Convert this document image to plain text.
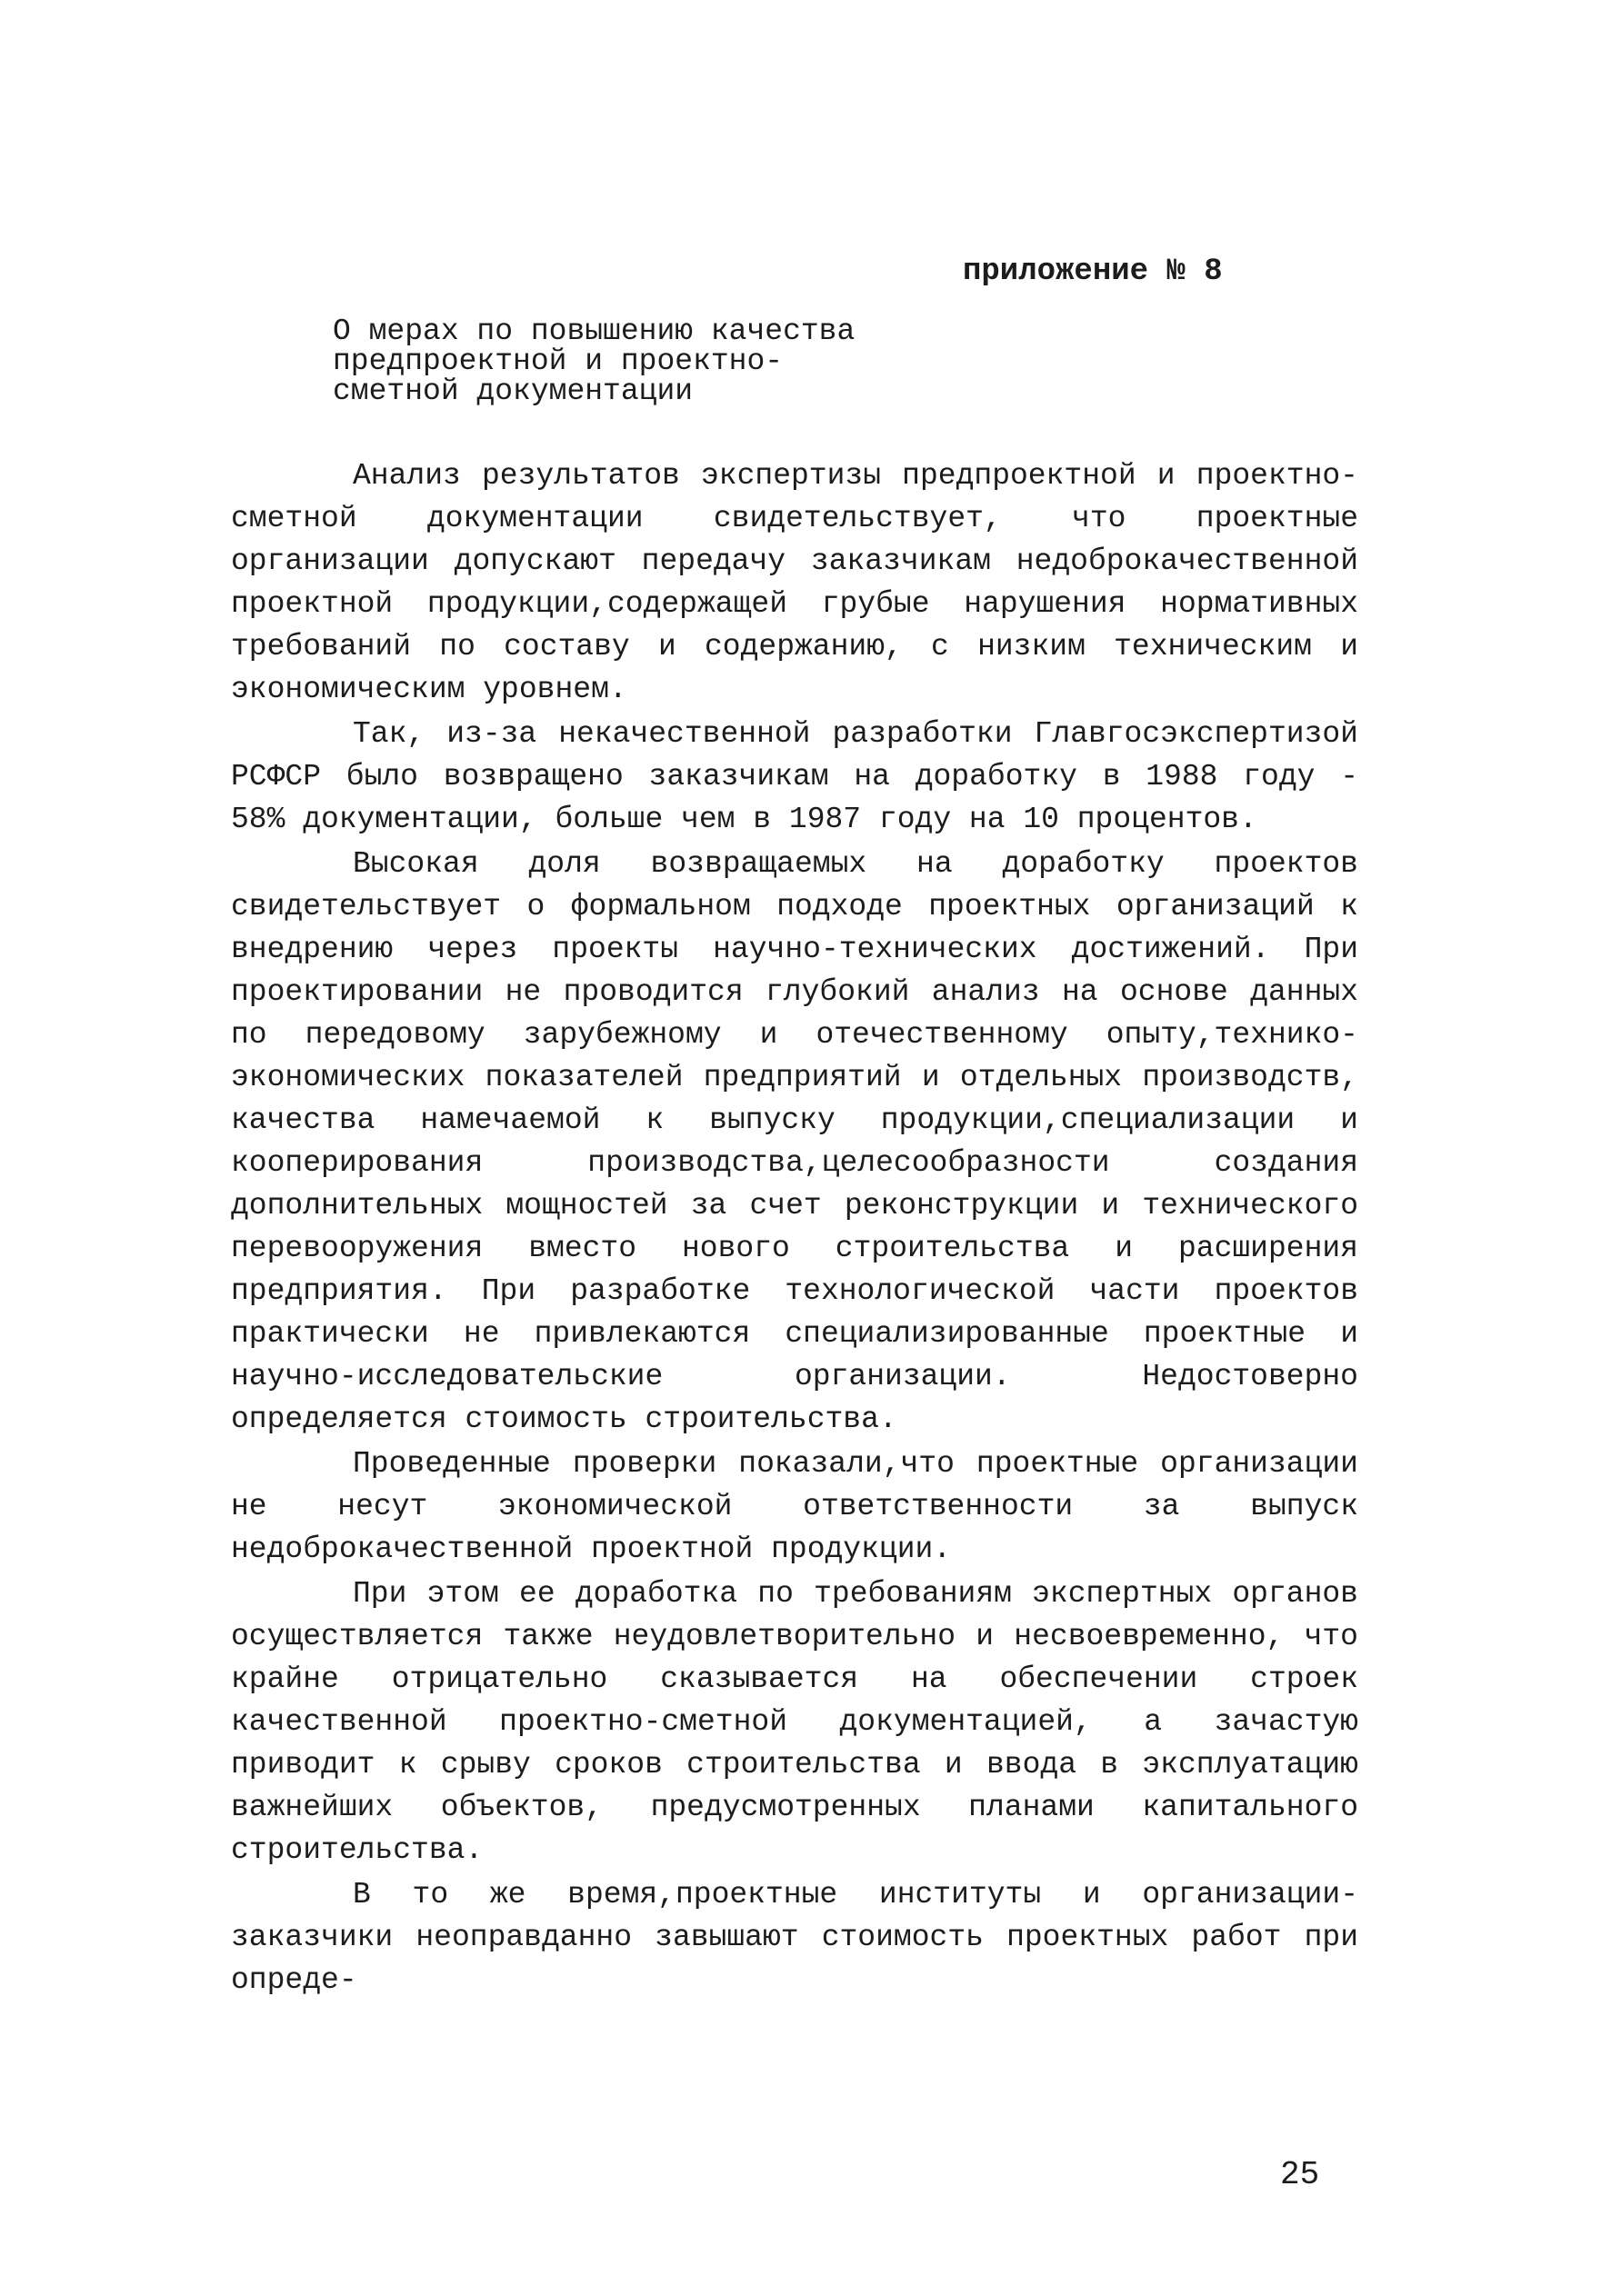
приложение № 8
О мерах по повышению качества
предпроектной и проектно-
сметной документации

Анализ результатов экспертизы предпроектной и проектно-сметной документации свидетельствует, что проектные организации допускают передачу заказчикам недоброкачественной проектной продукции,содержащей грубые нарушения нормативных требований по составу и содержанию, с низким техническим и экономическим уровнем.

Так, из-за некачественной разработки Главгосэкспертизой РСФСР было возвращено заказчикам на доработку в 1988 году - 58% документации, больше чем в 1987 году на 10 процентов.

Высокая доля возвращаемых на доработку проектов свидетельствует о формальном подходе проектных организаций к внедрению через проекты научно-технических достижений. При проектировании не проводится глубокий анализ на основе данных по передовому зарубежному и отечественному опыту,технико-экономических показателей предприятий и отдельных производств, качества намечаемой к выпуску продукции,специализации и кооперирования производства,целесообразности создания дополнительных мощностей за счет реконструкции и технического перевооружения вместо нового строительства и расширения предприятия. При разработке технологической части проектов практически не привлекаются специализированные проектные и научно-исследовательские организации. Недостоверно определяется стоимость строительства.

Проведенные проверки показали,что проектные организации не несут экономической ответственности за выпуск недоброкачественной проектной продукции.

При этом ее доработка по требованиям экспертных органов осуществляется также неудовлетворительно и несвоевременно, что крайне отрицательно сказывается на обеспечении строек качественной проектно-сметной документацией, а зачастую приводит к срыву сроков строительства и ввода в эксплуатацию важнейших объектов, предусмотренных планами капитального строительства.

В то же время,проектные институты и организации-заказчики неоправданно завышают стоимость проектных работ при опреде-

25
